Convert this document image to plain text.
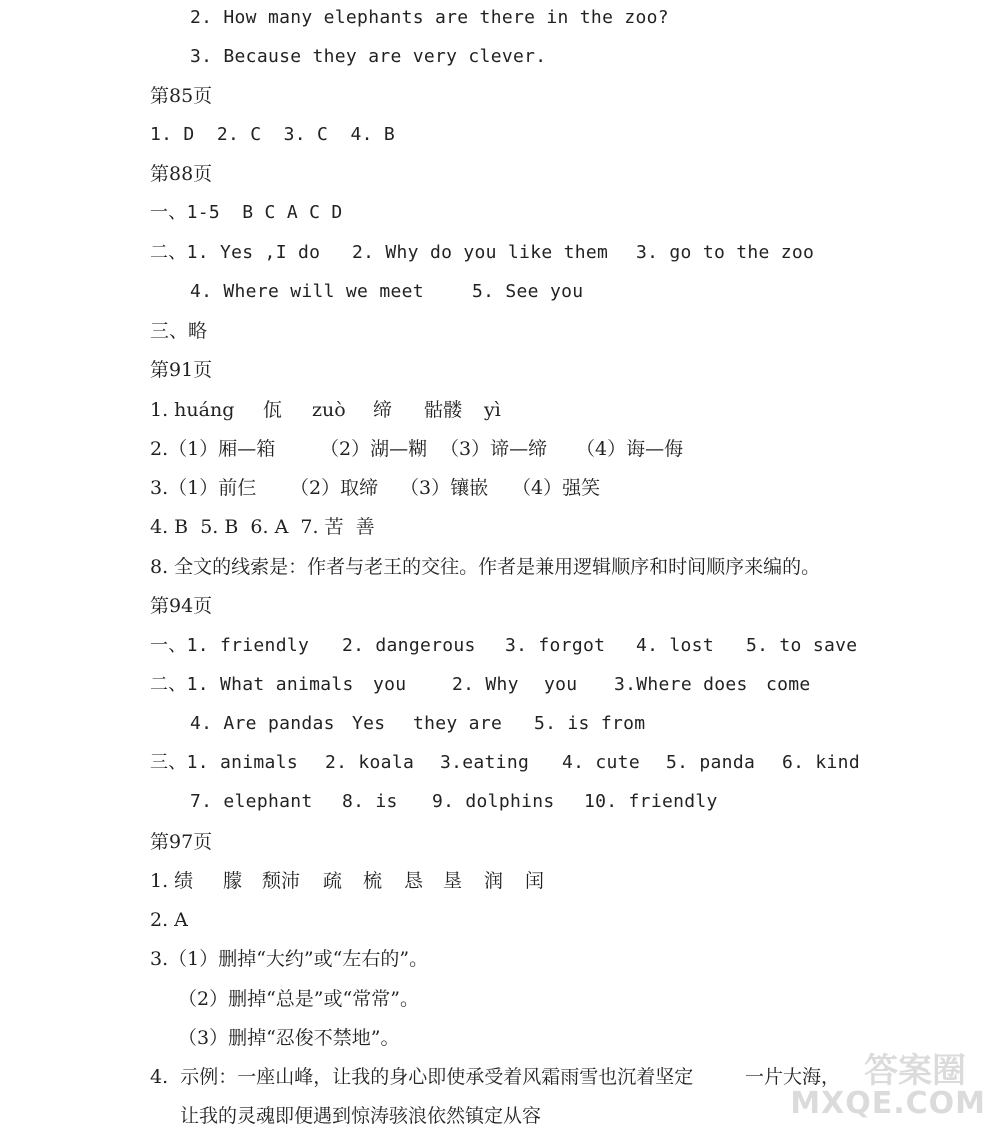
2. How many elephants are there in the zoo?
3. Because they are very clever.
第85页
1. D  2. C  3. C  4. B
第88页
一、1-5  B C A C D
二、1. Yes ,I do 2. Why do you like them 3. go to the zoo
4. Where will we meet	5. See you
三、略
第91页
1. huáng 佤 zuò 缔 骷髅 yì
2.（1）厢—箱 （2）湖—糊 （3）谛—缔 （4）诲—侮
3.（1）前仨 （2）取缔 （3）镶嵌 （4）强笑
4. B  5. B  6. A  7. 苦  善
8. 全文的线索是：作者与老王的交往。作者是兼用逻辑顺序和时间顺序来编的。
第94页
一、1. friendly 2. dangerous 3. forgot 4. lost 5. to save
二、1. What animals you	2. Why you 3.Where does come
4. Are pandas Yes they are 5. is from
三、1. animals 2. koala 3.eating 4. cute 5. panda 6. kind
7. elephant 8. is 9. dolphins 10. friendly
第97页
1. 绩 朦 颓沛 疏 梳 恳 垦 润 闰
2. A
3.（1）删掉“大约”或“左右的”。
（2）删掉“总是”或“常常”。
（3）删掉“忍俊不禁地”。
4.  示例：一座山峰，让我的身心即使承受着风霜雨雪也沉着坚定	一片大海，
让我的灵魂即便遇到惊涛骇浪依然镇定从容
答案圈
MXQE.COM
